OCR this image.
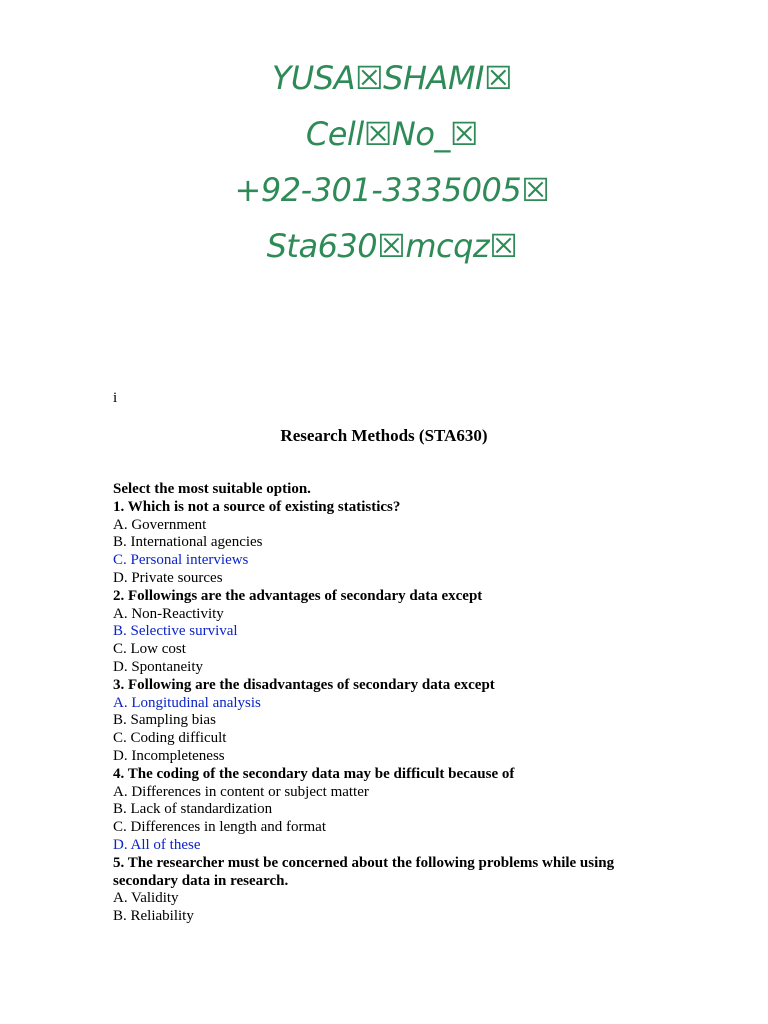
YUSA☒SHAMI☒
Cell☒No_☒
+92-301-3335005☒
Sta630☒mcqz☒
i
Research Methods (STA630)
Select the most suitable option.
1. Which is not a source of existing statistics?
A. Government
B. International agencies
C. Personal interviews
D. Private sources
2. Followings are the advantages of secondary data except
A. Non-Reactivity
B. Selective survival
C. Low cost
D. Spontaneity
3. Following are the disadvantages of secondary data except
A. Longitudinal analysis
B. Sampling bias
C. Coding difficult
D. Incompleteness
4. The coding of the secondary data may be difficult because of
A. Differences in content or subject matter
B. Lack of standardization
C. Differences in length and format
D. All of these
5. The researcher must be concerned about the following problems while using secondary data in research.
A. Validity
B. Reliability
